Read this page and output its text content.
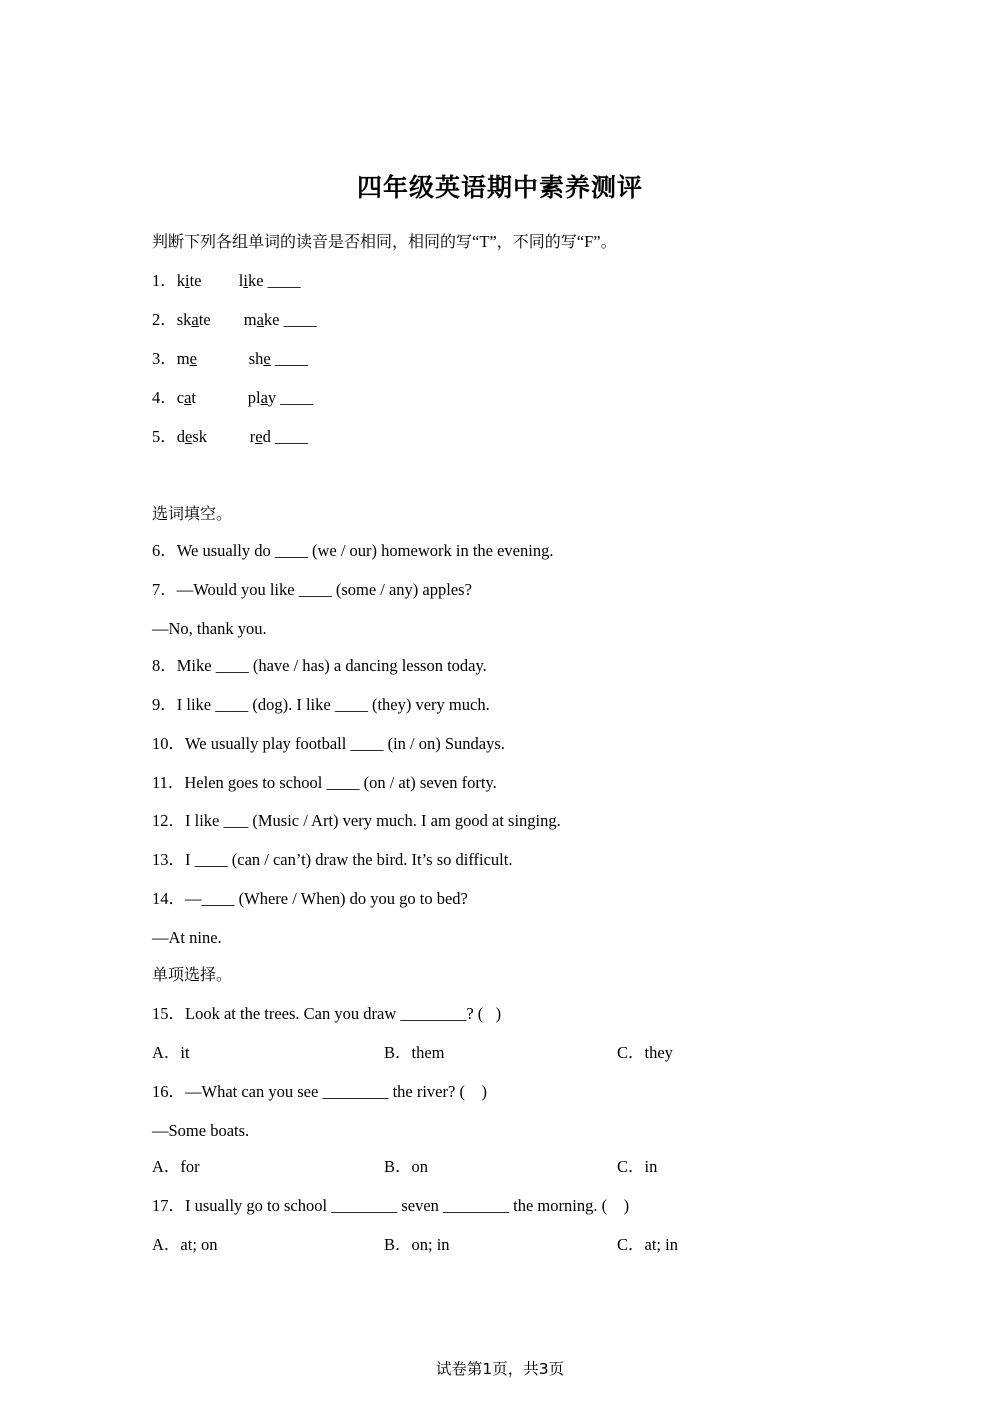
四年级英语期中素养测评
判断下列各组单词的读音是否相同，相同的写“T”，不同的写“F”。
1．kite like ____
2．skate make ____
3．me	she ____
4．cat	play ____
5．desk	red ____
选词填空。
6．We usually do ____ (we / our) homework in the evening.
7．—Would you like ____ (some / any) apples?
—No, thank you.
8．Mike ____ (have / has) a dancing lesson today.
9．I like ____ (dog). I like ____ (they) very much.
10．We usually play football ____ (in / on) Sundays.
11．Helen goes to school ____ (on / at) seven forty.
12．I like ___ (Music / Art) very much. I am good at singing.
13．I ____ (can / can’t) draw the bird. It’s so difficult.
14．—____ (Where / When) do you go to bed?
—At nine.
单项选择。
15．Look at the trees. Can you draw ________? (   )
A．it	B．them	C．they
16．—What can you see ________ the river? (    )
—Some boats.
A．for	B．on	C．in
17．I usually go to school ________ seven ________ the morning. (    )
A．at; on	B．on; in	C．at; in
试卷第1页，共3页
